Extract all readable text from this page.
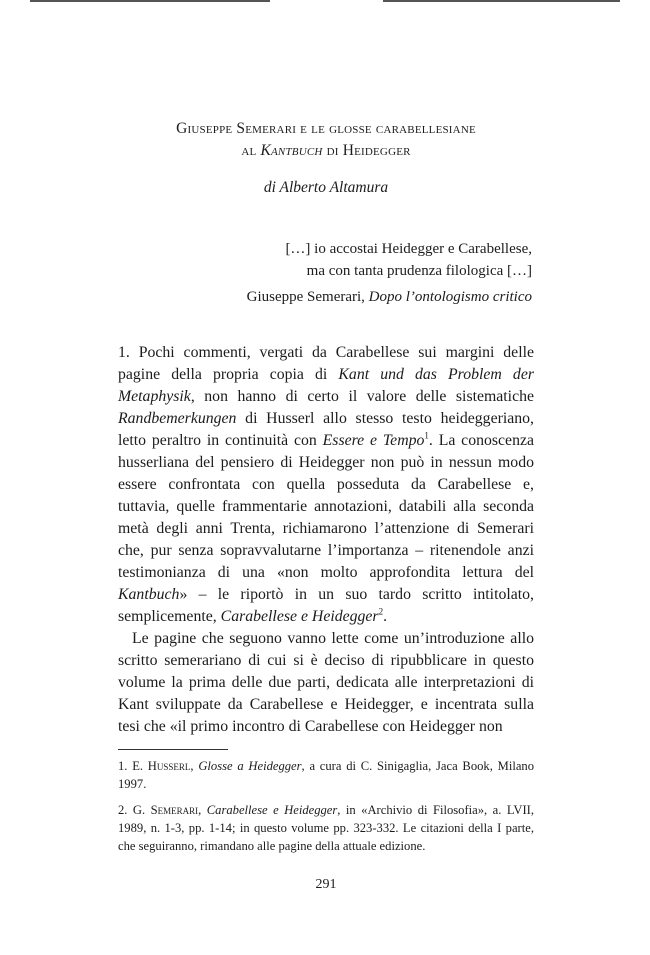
Giuseppe Semerari e le glosse carabellesiane
al Kantbuch di Heidegger
di Alberto Altamura
[…] io accostai Heidegger e Carabellese,
ma con tanta prudenza filologica […]
Giuseppe Semerari, Dopo l’ontologismo critico

1. Pochi commenti, vergati da Carabellese sui margini delle pagine della propria copia di Kant und das Problem der Metaphysik, non hanno di certo il valore delle sistematiche Randbemerkungen di Husserl allo stesso testo heideggeriano, letto peraltro in continuità con Essere e Tempo$^1$. La conoscenza husserliana del pensiero di Heidegger non può in nessun modo essere confrontata con quella posseduta da Carabellese e, tuttavia, quelle frammentarie annotazioni, databili alla seconda metà degli anni Trenta, richiamarono l’attenzione di Semerari che, pur senza sopravvalutarne l’importanza – ritenendole anzi testimonianza di una «non molto approfondita lettura del Kantbuch» – le riportò in un suo tardo scritto intitolato, semplicemente, Carabellese e Heidegger$^2$.

Le pagine che seguono vanno lette come un’introduzione allo scritto semerariano di cui si è deciso di ripubblicare in questo volume la prima delle due parti, dedicata alle interpretazioni di Kant sviluppate da Carabellese e Heidegger, e incentrata sulla tesi che «il primo incontro di Carabellese con Heidegger non

1. E. Husserl, Glosse a Heidegger, a cura di C. Sinigaglia, Jaca Book, Milano 1997.

2. G. Semerari, Carabellese e Heidegger, in «Archivio di Filosofia», a. LVII, 1989, n. 1-3, pp. 1-14; in questo volume pp. 323-332. Le citazioni della I parte, che seguiranno, rimandano alle pagine della attuale edizione.

291
